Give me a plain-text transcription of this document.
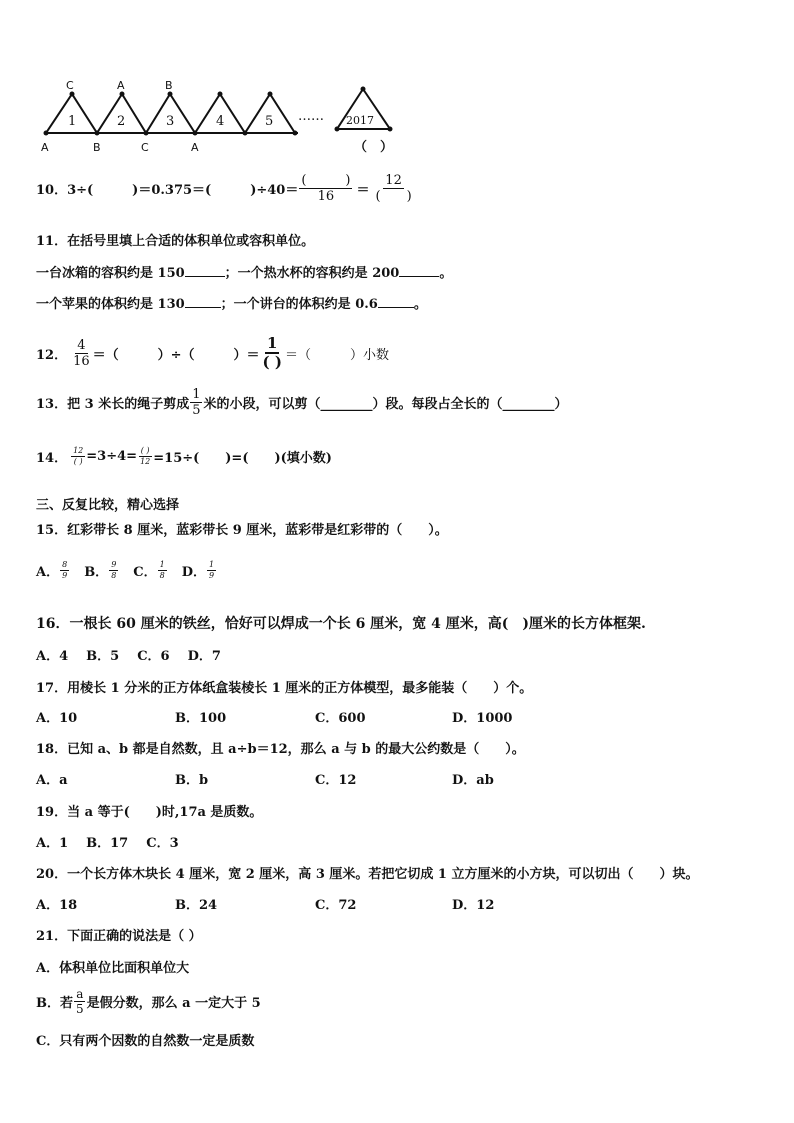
C	A	B
1	2	3	4	5
A	B	C	A
…… 2017
（　）
10． 3÷(　　　)＝0.375＝(　　　)$\div 40= \frac{( )}{16} = \frac{12}{( )}$
11．在括号里填上合适的体积单位或容积单位。
一台冰箱的容积约是 150	；一个热水杯的容积约是 200	。
一个苹果的体积约是 130	；一个讲台的体积约是 0.6	。
12． $\frac{4}{16}$ ＝（　　　）÷（　　　）＝ $\frac{1}{( )}$ ＝（　　　）小数
13． 把 3 米长的绳子剪成 $\frac{1}{5}$ 米的小段，可以剪（________）段。每段占全长的（________）
14． $\frac{12}{( )} =3\div 4= \frac{( )}{12} =15\div$(　　)=(　　)(填小数)
三、反复比较，精心选择
15．红彩带长 8 厘米，蓝彩带长 9 厘米，蓝彩带是红彩带的（　　）。
A． $\frac{8}{9}$ B． $\frac{9}{8}$ C． $\frac{1}{8}$ D． $\frac{1}{9}$
16．一根长 60 厘米的铁丝，恰好可以焊成一个长 6 厘米，宽 4 厘米，高(　)厘米的长方体框架.
A．4 B．5 C．6 D．7
17．用棱长 1 分米的正方体纸盒装棱长 1 厘米的正方体模型，最多能装（　　）个。
A．10	B．100	C．600	D．1000
18．已知 a、b 都是自然数，且 a÷b＝12，那么 a 与 b 的最大公约数是（　　）。
A．a	B．b	C．12	D．ab
19．当 a 等于(　　)时,17a 是质数。
A．1 B．17 C．3
20．一个长方体木块长 4 厘米，宽 2 厘米，高 3 厘米。若把它切成 1 立方厘米的小方块，可以切出（　　）块。
A．18	B．24	C．72	D．12
21．下面正确的说法是（ ）
A．体积单位比面积单位大
B．若 $\frac{a}{5}$ 是假分数，那么 a 一定大于 5
C．只有两个因数的自然数一定是质数
